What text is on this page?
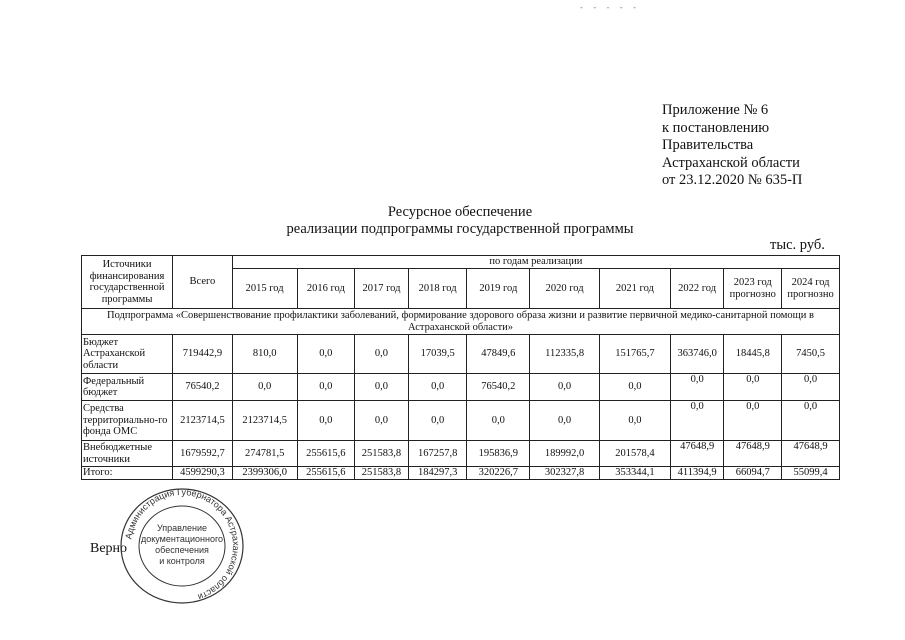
- - - - -
Приложение № 6
к постановлению
Правительства
Астраханской области
от 23.12.2020 № 635-П
Ресурсное обеспечение
реализации подпрограммы государственной программы
тыс. руб.
Источники финансирования государственной программы	Всего	по годам реализации									
		2015 год	2016 год	2017 год	2018 год	2019 год	2020 год	2021 год	2022 год	2023 год прогнозно	2024 год прогнозно
Подпрограмма «Совершенствование профилактики заболеваний, формирование здорового образа жизни и развитие первичной медико-санитарной помощи в Астраханской области»											
Бюджет Астраханской области	719442,9	810,0	0,0	0,0	17039,5	47849,6	112335,8	151765,7	363746,0	18445,8	7450,5
Федеральный бюджет	76540,2	0,0	0,0	0,0	0,0	76540,2	0,0	0,0	0,0	0,0	0,0
Средства территориально-го фонда ОМС	2123714,5	2123714,5	0,0	0,0	0,0	0,0	0,0	0,0	0,0	0,0	0,0
Внебюджетные источники	1679592,7	274781,5	255615,6	251583,8	167257,8	195836,9	189992,0	201578,4	47648,9	47648,9	47648,9
Итого:	4599290,3	2399306,0	255615,6	251583,8	184297,3	320226,7	302327,8	353344,1	411394,9	66094,7	55099,4
Верно
Администрация Губернатора Астраханской области
Управление
документационного
обеспечения
и контроля
